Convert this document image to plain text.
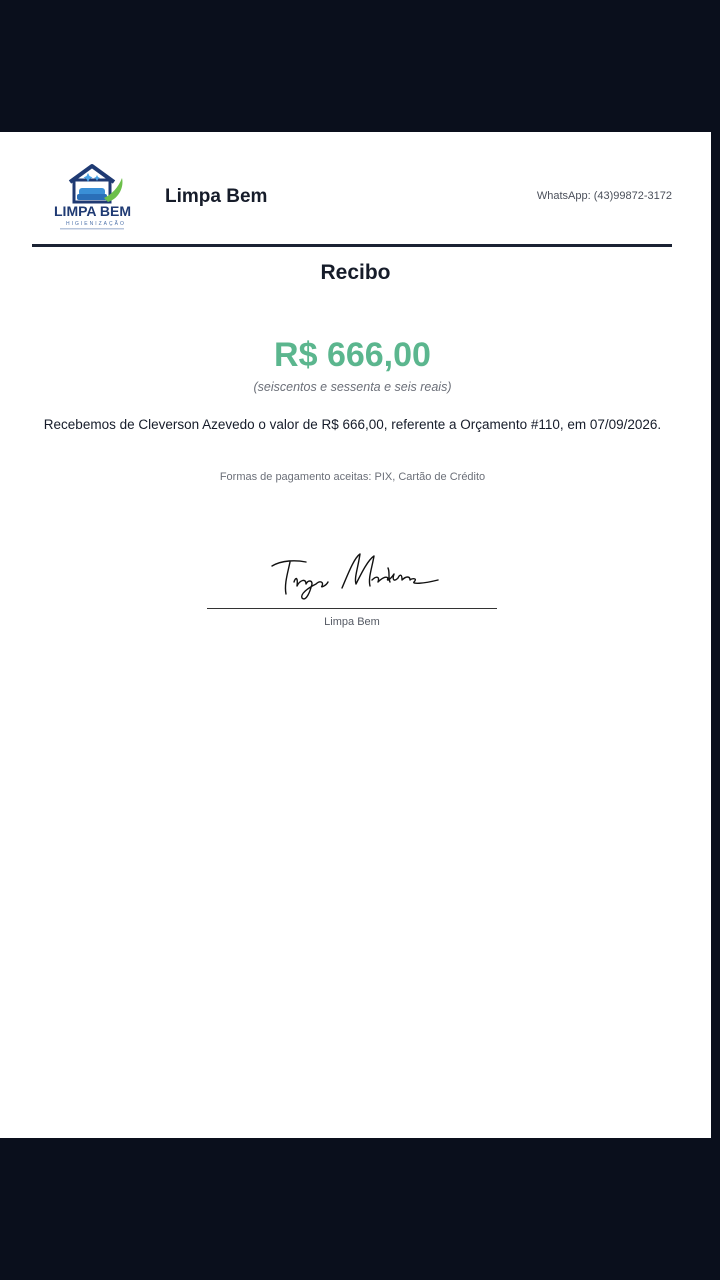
LIMPA BEM
HIGIENIZAÇÃO
Limpa Bem	WhatsApp: (43)99872-3172
Recibo
R$ 666,00
(seiscentos e sessenta e seis reais)
Recebemos de Cleverson Azevedo o valor de R$ 666,00, referente a Orçamento #110, em 07/09/2026.
Formas de pagamento aceitas: PIX, Cartão de Crédito
Tiago Martins
Limpa Bem
